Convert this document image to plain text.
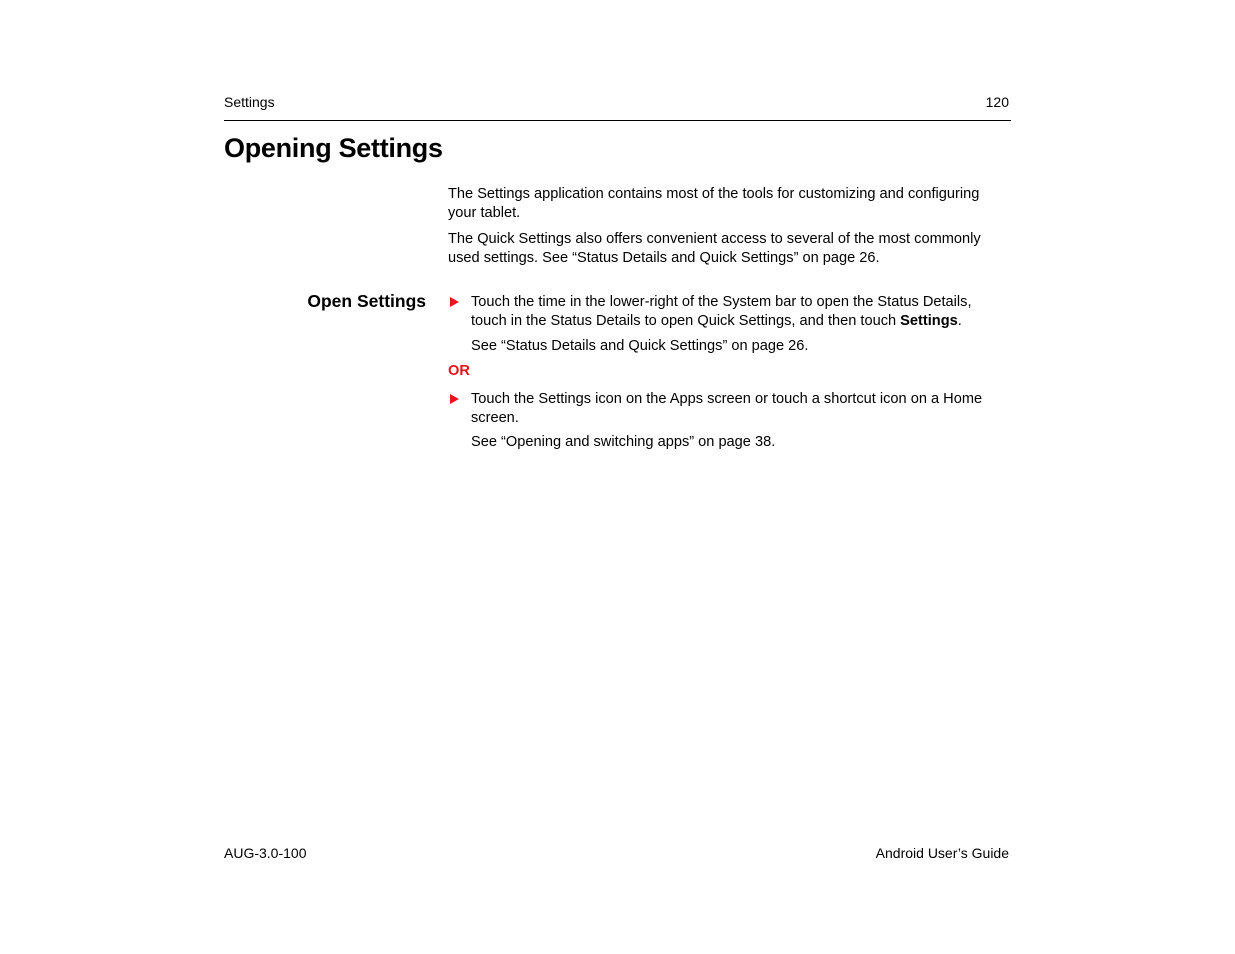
Settings	120
Opening Settings

The Settings application contains most of the tools for customizing and configuring your tablet.

The Quick Settings also offers convenient access to several of the most commonly used settings. See “Status Details and Quick Settings” on page 26.

Open Settings	Touch the time in the lower-right of the System bar to open the Status Details, touch in the Status Details to open Quick Settings, and then touch Settings.
See “Status Details and Quick Settings” on page 26.
OR
Touch the Settings icon on the Apps screen or touch a shortcut icon on a Home screen.
See “Opening and switching apps” on page 38.
AUG-3.0-100	Android User’s Guide
